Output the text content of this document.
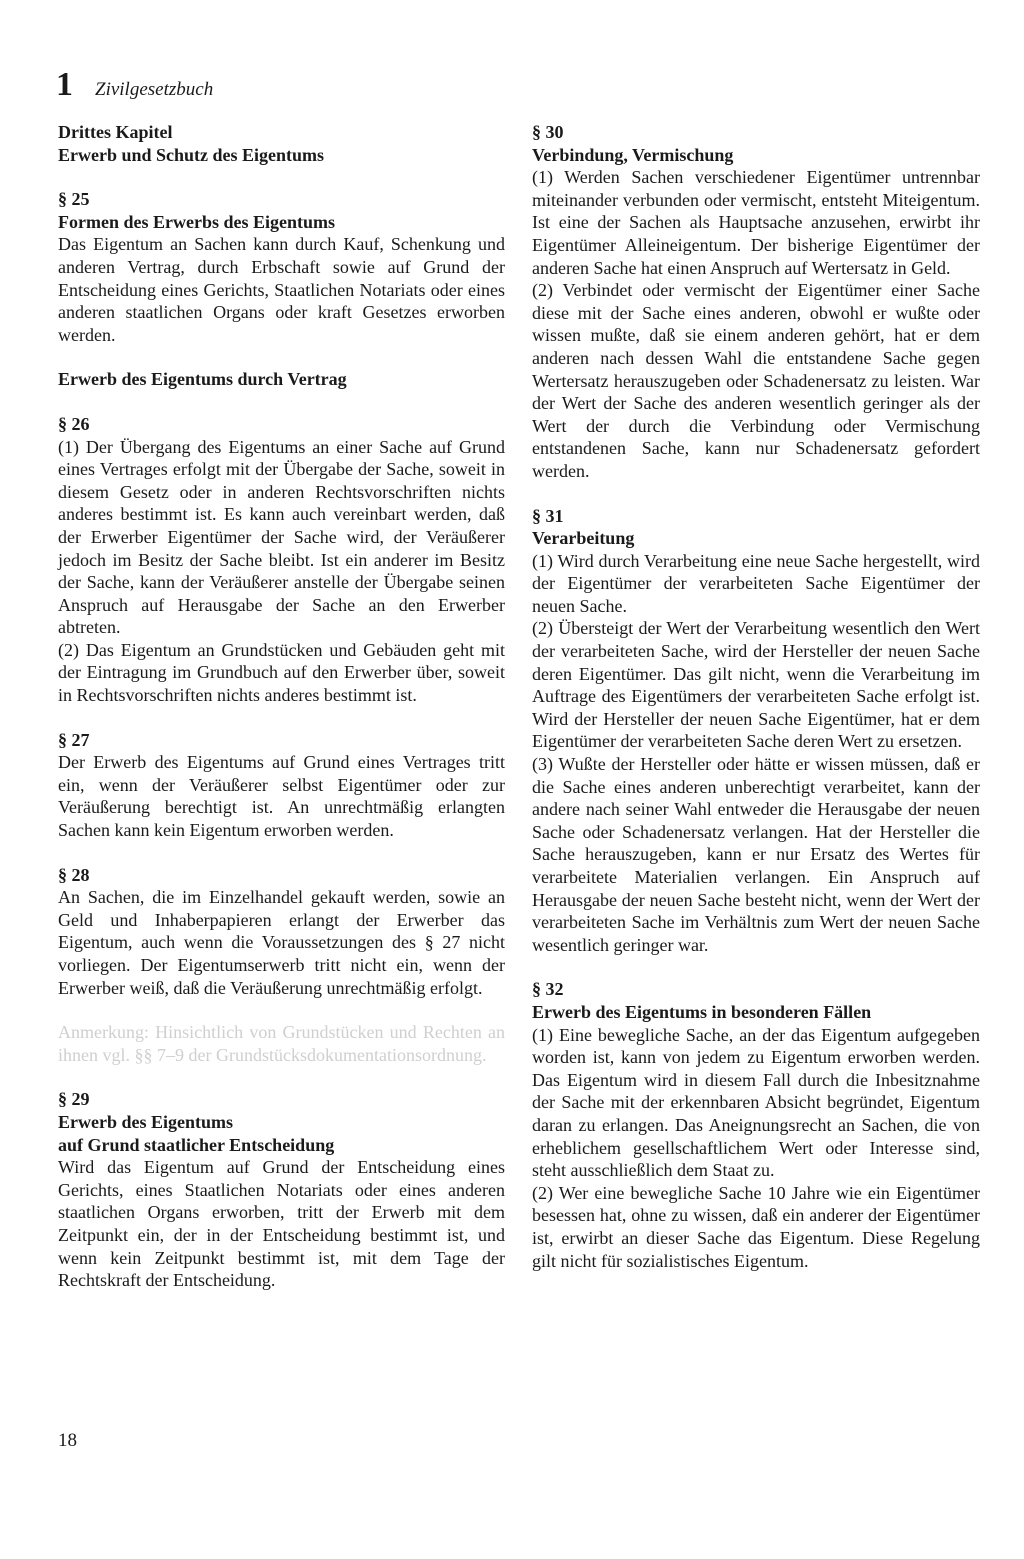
1 Zivilgesetzbuch
Drittes Kapitel
Erwerb und Schutz des Eigentums
§ 25
Formen des Erwerbs des Eigentums
Das Eigentum an Sachen kann durch Kauf, Schenkung und anderen Vertrag, durch Erbschaft sowie auf Grund der Entscheidung eines Gerichts, Staatlichen Notariats oder eines anderen staatlichen Organs oder kraft Gesetzes erworben werden.
Erwerb des Eigentums durch Vertrag
§ 26
(1) Der Übergang des Eigentums an einer Sache auf Grund eines Vertrages erfolgt mit der Übergabe der Sache, soweit in diesem Gesetz oder in anderen Rechtsvorschriften nichts anderes bestimmt ist. Es kann auch vereinbart werden, daß der Erwerber Eigentümer der Sache wird, der Veräußerer jedoch im Besitz der Sache bleibt. Ist ein anderer im Besitz der Sache, kann der Veräußerer anstelle der Übergabe seinen Anspruch auf Herausgabe der Sache an den Erwerber abtreten.
(2) Das Eigentum an Grundstücken und Gebäuden geht mit der Eintragung im Grundbuch auf den Erwerber über, soweit in Rechtsvorschriften nichts anderes bestimmt ist.
§ 27
Der Erwerb des Eigentums auf Grund eines Vertrages tritt ein, wenn der Veräußerer selbst Eigentümer oder zur Veräußerung berechtigt ist. An unrechtmäßig erlangten Sachen kann kein Eigentum erworben werden.
§ 28
An Sachen, die im Einzelhandel gekauft werden, sowie an Geld und Inhaberpapieren erlangt der Erwerber das Eigentum, auch wenn die Voraussetzungen des § 27 nicht vorliegen. Der Eigentumserwerb tritt nicht ein, wenn der Erwerber weiß, daß die Veräußerung unrechtmäßig erfolgt.
Anmerkung: Hinsichtlich von Grundstücken und Rechten an ihnen vgl. §§ 7–9 der Grundstücksdokumentationsordnung.
§ 29
Erwerb des Eigentums
auf Grund staatlicher Entscheidung
Wird das Eigentum auf Grund der Entscheidung eines Gerichts, eines Staatlichen Notariats oder eines anderen staatlichen Organs erworben, tritt der Erwerb mit dem Zeitpunkt ein, der in der Entscheidung bestimmt ist, und wenn kein Zeitpunkt bestimmt ist, mit dem Tage der Rechtskraft der Entscheidung.
§ 30
Verbindung, Vermischung
(1) Werden Sachen verschiedener Eigentümer untrennbar miteinander verbunden oder vermischt, entsteht Miteigentum. Ist eine der Sachen als Hauptsache anzusehen, erwirbt ihr Eigentümer Alleineigentum. Der bisherige Eigentümer der anderen Sache hat einen Anspruch auf Wertersatz in Geld.
(2) Verbindet oder vermischt der Eigentümer einer Sache diese mit der Sache eines anderen, obwohl er wußte oder wissen mußte, daß sie einem anderen gehört, hat er dem anderen nach dessen Wahl die entstandene Sache gegen Wertersatz herauszugeben oder Schadenersatz zu leisten. War der Wert der Sache des anderen wesentlich geringer als der Wert der durch die Verbindung oder Vermischung entstandenen Sache, kann nur Schadenersatz gefordert werden.
§ 31
Verarbeitung
(1) Wird durch Verarbeitung eine neue Sache hergestellt, wird der Eigentümer der verarbeiteten Sache Eigentümer der neuen Sache.
(2) Übersteigt der Wert der Verarbeitung wesentlich den Wert der verarbeiteten Sache, wird der Hersteller der neuen Sache deren Eigentümer. Das gilt nicht, wenn die Verarbeitung im Auftrage des Eigentümers der verarbeiteten Sache erfolgt ist. Wird der Hersteller der neuen Sache Eigentümer, hat er dem Eigentümer der verarbeiteten Sache deren Wert zu ersetzen.
(3) Wußte der Hersteller oder hätte er wissen müssen, daß er die Sache eines anderen unberechtigt verarbeitet, kann der andere nach seiner Wahl entweder die Herausgabe der neuen Sache oder Schadenersatz verlangen. Hat der Hersteller die Sache herauszugeben, kann er nur Ersatz des Wertes für verarbeitete Materialien verlangen. Ein Anspruch auf Herausgabe der neuen Sache besteht nicht, wenn der Wert der verarbeiteten Sache im Verhältnis zum Wert der neuen Sache wesentlich geringer war.
§ 32
Erwerb des Eigentums in besonderen Fällen
(1) Eine bewegliche Sache, an der das Eigentum aufgegeben worden ist, kann von jedem zu Eigentum erworben werden. Das Eigentum wird in diesem Fall durch die Inbesitznahme der Sache mit der erkennbaren Absicht begründet, Eigentum daran zu erlangen. Das Aneignungsrecht an Sachen, die von erheblichem gesellschaftlichem Wert oder Interesse sind, steht ausschließlich dem Staat zu.
(2) Wer eine bewegliche Sache 10 Jahre wie ein Eigentümer besessen hat, ohne zu wissen, daß ein anderer der Eigentümer ist, erwirbt an dieser Sache das Eigentum. Diese Regelung gilt nicht für sozialistisches Eigentum.
18
